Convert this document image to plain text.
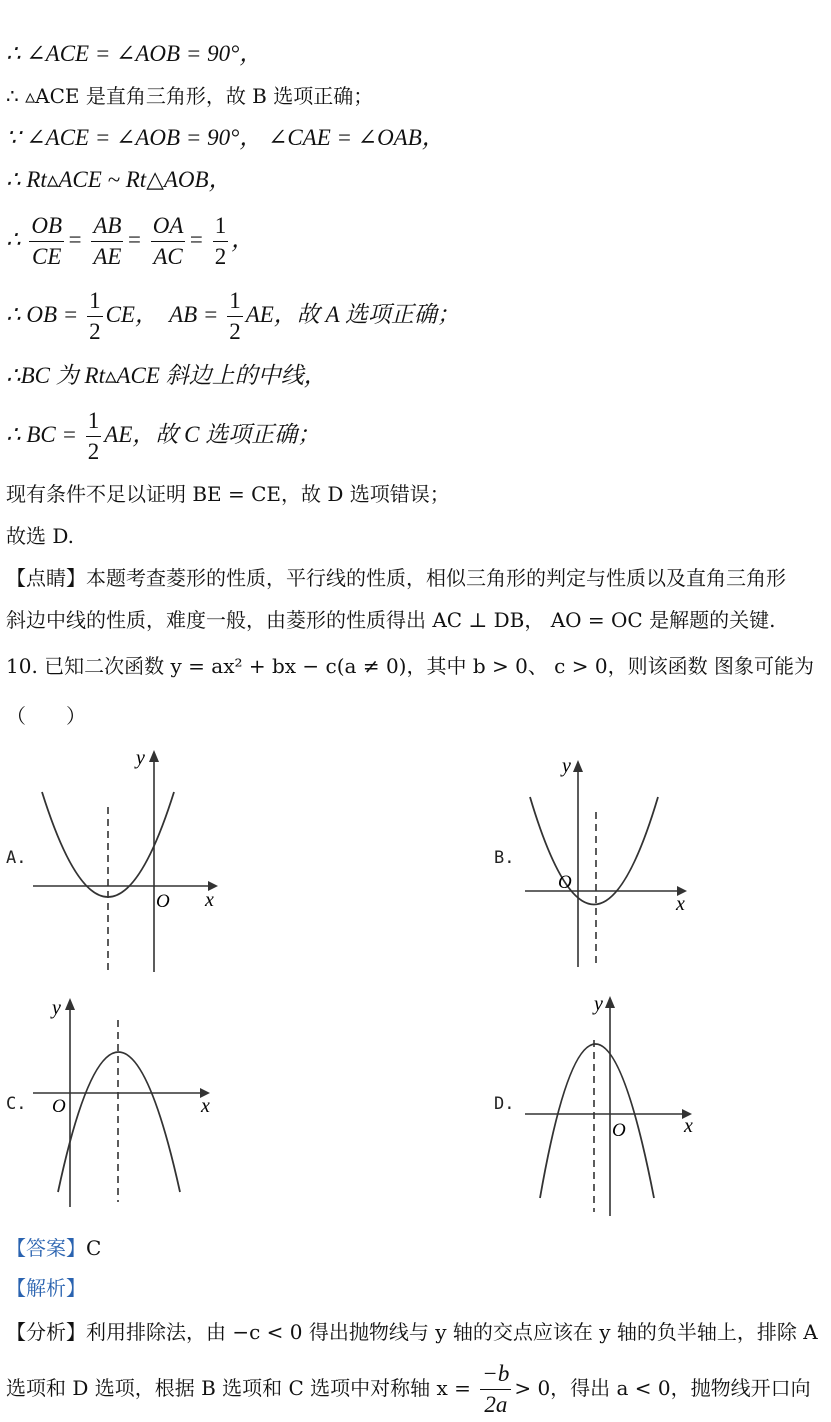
∴ ∠ACE = ∠AOB = 90°，
∴ ▵ACE 是直角三角形，故 B 选项正确；
∵ ∠ACE = ∠AOB = 90°， ∠CAE = ∠OAB，
∴ Rt▵ACE ~ Rt△AOB，
∴ $\frac{OB}{CE} = \frac{AB}{AE} = \frac{OA}{AC} = \frac{1}{2}$ ，
∴ OB = $\frac{1}{2}$ CE， AB = $\frac{1}{2}$ AE，故 A 选项正确；
∴BC 为 Rt▵ACE 斜边上的中线，
∴ BC = $\frac{1}{2}$ AE，故 C 选项正确；
现有条件不足以证明 BE = CE，故 D 选项错误；
故选 D.
【点睛】本题考查菱形的性质，平行线的性质，相似三角形的判定与性质以及直角三角形
斜边中线的性质，难度一般，由菱形的性质得出 AC ⊥ DB， AO = OC 是解题的关键.
10. 已知二次函数 y = ax² + bx − c(a ≠ 0)，其中 b > 0、 c > 0，则该函数 图象可能为
（　　）
A.
y
x
O
B.
y
x
O
C.
y
x
O	D.
y
x
O
【答案】C
【解析】
【分析】利用排除法，由 −c < 0 得出抛物线与 y 轴的交点应该在 y 轴的负半轴上，排除 A
选项和 D 选项，根据 B 选项和 C 选项中对称轴 $x = \frac{-b}{2a} > 0$，得出 a < 0，抛物线开口向
